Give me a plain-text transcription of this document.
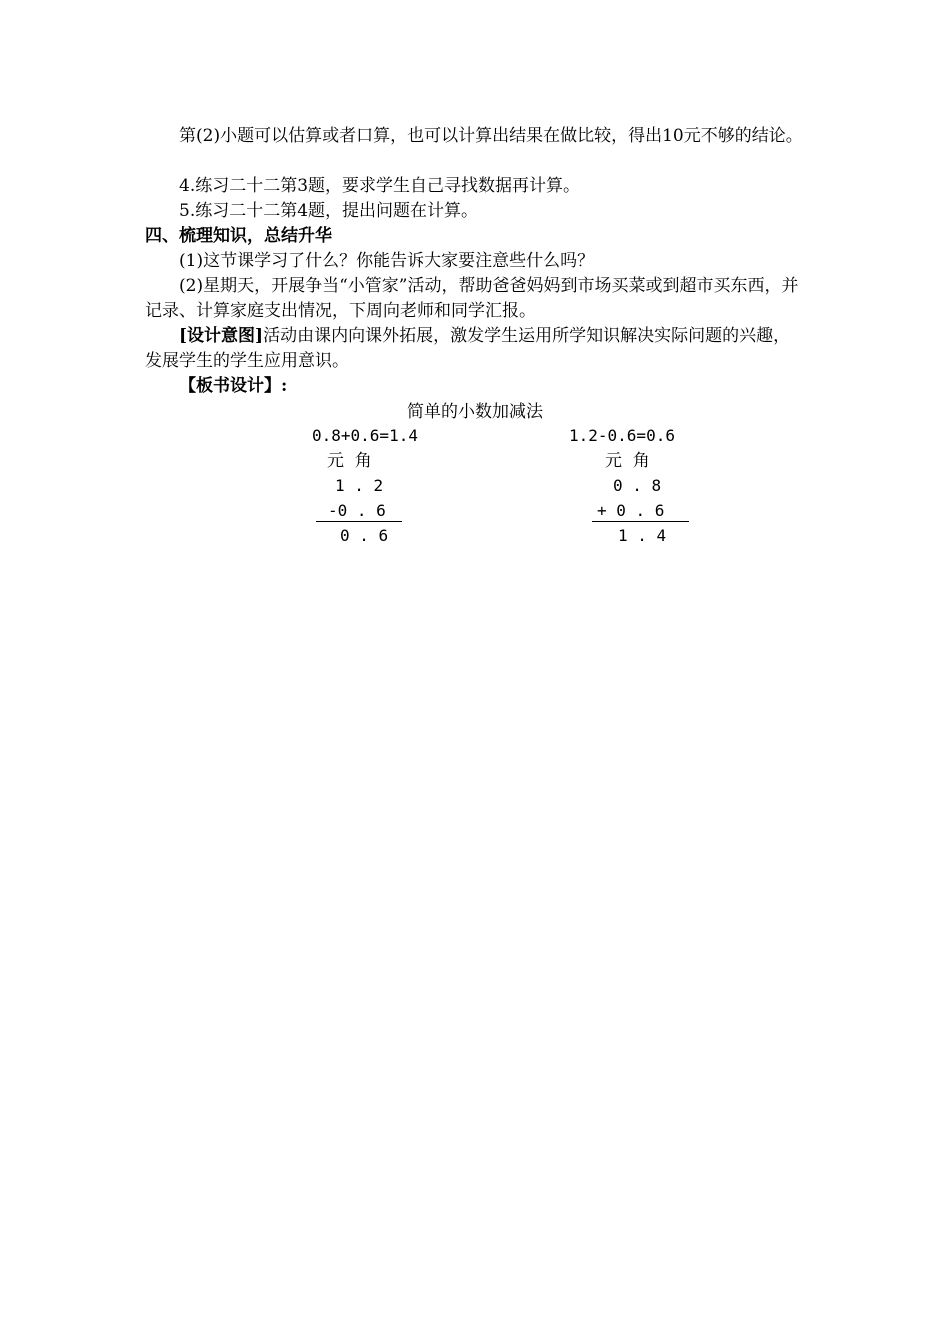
第(2)小题可以估算或者口算，也可以计算出结果在做比较，得出10元不够的结论。

4.练习二十二第3题，要求学生自己寻找数据再计算。

5.练习二十二第4题，提出问题在计算。

四、梳理知识，总结升华

(1)这节课学习了什么？你能告诉大家要注意些什么吗？

(2)星期天，开展争当“小管家”活动，帮助爸爸妈妈到市场买菜或到超市买东西，并记录、计算家庭支出情况，下周向老师和同学汇报。

[设计意图]活动由课内向课外拓展，激发学生运用所学知识解决实际问题的兴趣，发展学生的学生应用意识。

【板书设计】:

简单的小数加减法
0.8+0.6=1.4
元  角
1 . 2
-0 . 6
0 . 6
1.2-0.6=0.6
元  角
0 . 8
+ 0 . 6
1 . 4
